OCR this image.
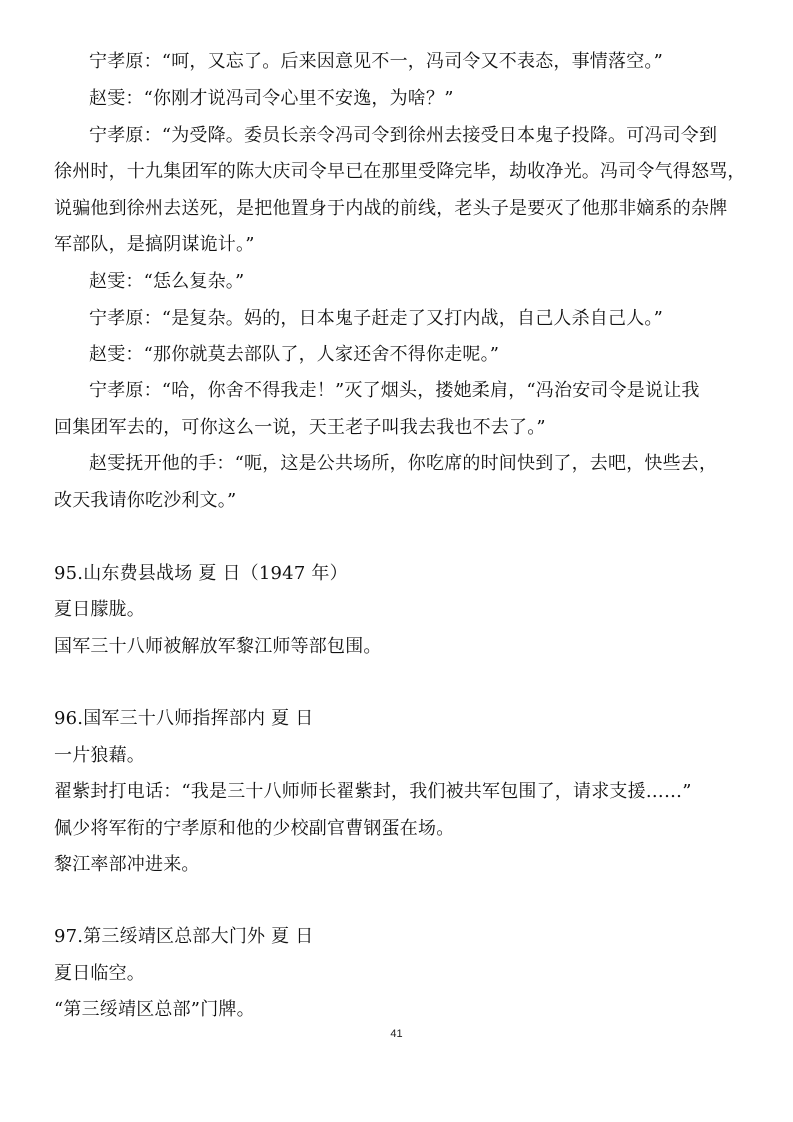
宁孝原：“呵，又忘了。后来因意见不一，冯司令又不表态，事情落空。”
赵雯：“你刚才说冯司令心里不安逸，为啥？”
宁孝原：“为受降。委员长亲令冯司令到徐州去接受日本鬼子投降。可冯司令到
徐州时，十九集团军的陈大庆司令早已在那里受降完毕，劫收净光。冯司令气得怒骂，
说骗他到徐州去送死，是把他置身于内战的前线，老头子是要灭了他那非嫡系的杂牌
军部队，是搞阴谋诡计。”
赵雯：“恁么复杂。”
宁孝原：“是复杂。妈的，日本鬼子赶走了又打内战，自己人杀自己人。”
赵雯：“那你就莫去部队了，人家还舍不得你走呢。”
宁孝原：“哈，你舍不得我走！”灭了烟头，搂她柔肩，“冯治安司令是说让我
回集团军去的，可你这么一说，天王老子叫我去我也不去了。”
赵雯抚开他的手：“呃，这是公共场所，你吃席的时间快到了，去吧，快些去，
改天我请你吃沙利文。”
95.山东费县战场 夏 日（1947 年）
夏日朦胧。
国军三十八师被解放军黎江师等部包围。
96.国军三十八师指挥部内 夏 日
一片狼藉。
翟紫封打电话：“我是三十八师师长翟紫封，我们被共军包围了，请求支援……”
佩少将军衔的宁孝原和他的少校副官曹钢蛋在场。
黎江率部冲进来。
97.第三绥靖区总部大门外 夏 日
夏日临空。
“第三绥靖区总部”门牌。
41
